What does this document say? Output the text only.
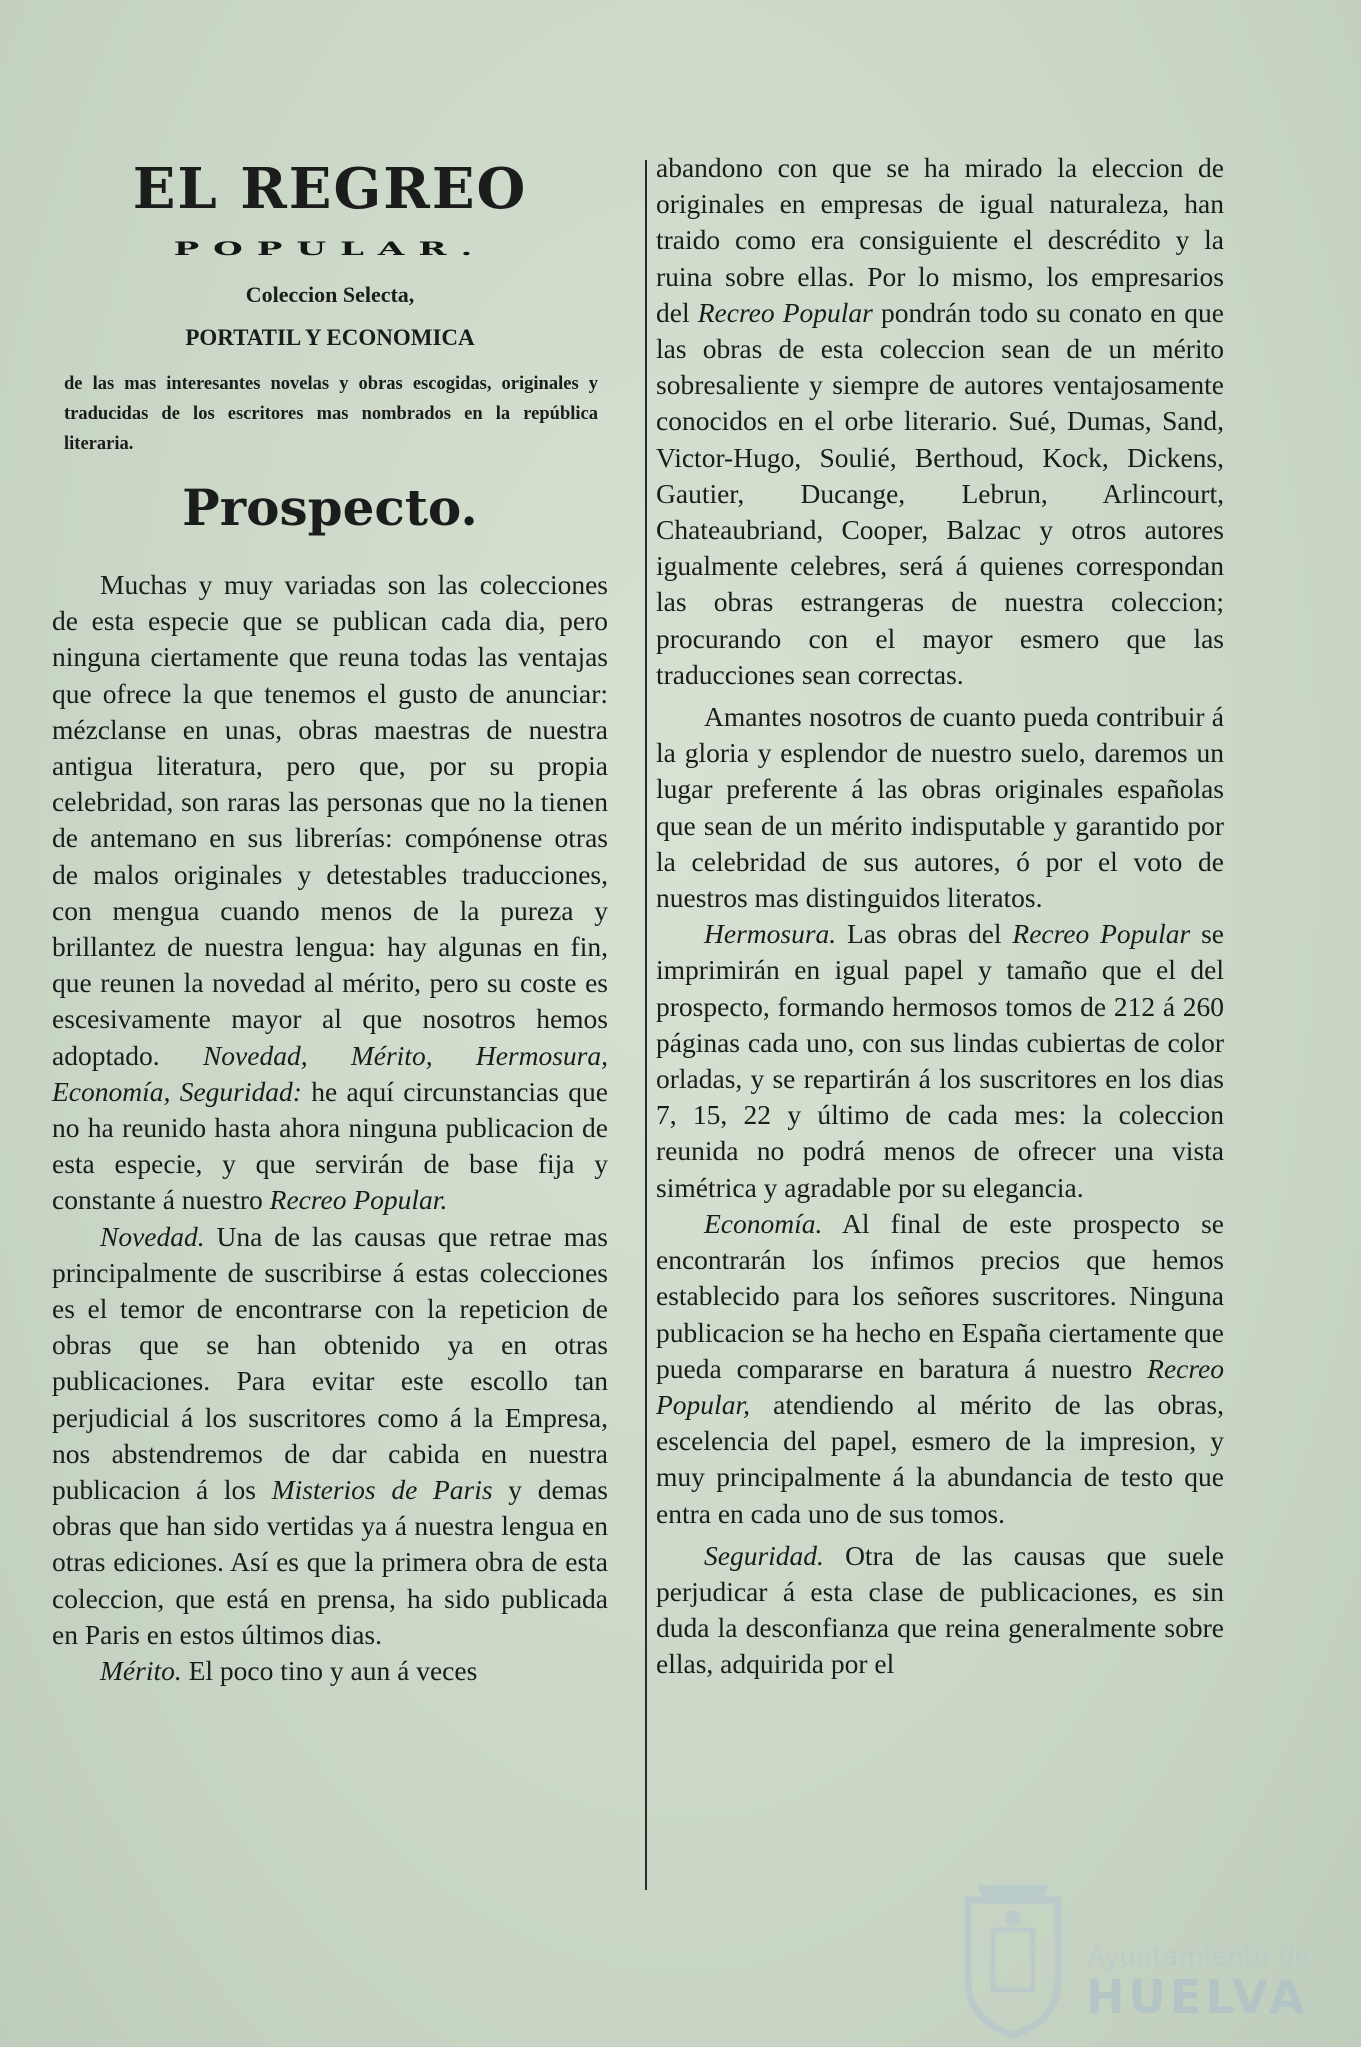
EL REGREO
POPULAR.
Coleccion Selecta,
PORTATIL Y ECONOMICA
de las mas interesantes novelas y obras escogidas, originales y traducidas de los escritores mas nombrados en la república literaria.
Prospecto.

Muchas y muy variadas son las colecciones de esta especie que se publican cada dia, pero ninguna ciertamente que reuna todas las ventajas que ofrece la que tenemos el gusto de anunciar: mézclanse en unas, obras maestras de nuestra antigua literatura, pero que, por su propia celebridad, son raras las personas que no la tienen de antemano en sus librerías: compónense otras de malos originales y detestables traducciones, con mengua cuando menos de la pureza y brillantez de nuestra lengua: hay algunas en fin, que reunen la novedad al mérito, pero su coste es escesivamente mayor al que nosotros hemos adoptado. Novedad, Mérito, Hermosura, Economía, Seguridad: he aquí circunstancias que no ha reunido hasta ahora ninguna publicacion de esta especie, y que servirán de base fija y constante á nuestro Recreo Popular.

Novedad. Una de las causas que retrae mas principalmente de suscribirse á estas colecciones es el temor de encontrarse con la repeticion de obras que se han obtenido ya en otras publicaciones. Para evitar este escollo tan perjudicial á los suscritores como á la Empresa, nos abstendremos de dar cabida en nuestra publicacion á los Misterios de Paris y demas obras que han sido vertidas ya á nuestra lengua en otras ediciones. Así es que la primera obra de esta coleccion, que está en prensa, ha sido publicada en Paris en estos últimos dias.

Mérito. El poco tino y aun á veces

abandono con que se ha mirado la eleccion de originales en empresas de igual naturaleza, han traido como era consiguiente el descrédito y la ruina sobre ellas. Por lo mismo, los empresarios del Recreo Popular pondrán todo su conato en que las obras de esta coleccion sean de un mérito sobresaliente y siempre de autores ventajosamente conocidos en el orbe literario. Sué, Dumas, Sand, Victor-Hugo, Soulié, Berthoud, Kock, Dickens, Gautier, Ducange, Lebrun, Arlincourt, Chateaubriand, Cooper, Balzac y otros autores igualmente celebres, será á quienes correspondan las obras estrangeras de nuestra coleccion; procurando con el mayor esmero que las traducciones sean correctas.

Amantes nosotros de cuanto pueda contribuir á la gloria y esplendor de nuestro suelo, daremos un lugar preferente á las obras originales españolas que sean de un mérito indisputable y garantido por la celebridad de sus autores, ó por el voto de nuestros mas distinguidos literatos.

Hermosura. Las obras del Recreo Popular se imprimirán en igual papel y tamaño que el del prospecto, formando hermosos tomos de 212 á 260 páginas cada uno, con sus lindas cubiertas de color orladas, y se repartirán á los suscritores en los dias 7, 15, 22 y último de cada mes: la coleccion reunida no podrá menos de ofrecer una vista simétrica y agradable por su elegancia.

Economía. Al final de este prospecto se encontrarán los ínfimos precios que hemos establecido para los señores suscritores. Ninguna publicacion se ha hecho en España ciertamente que pueda compararse en baratura á nuestro Recreo Popular, atendiendo al mérito de las obras, escelencia del papel, esmero de la impresion, y muy principalmente á la abundancia de testo que entra en cada uno de sus tomos.

Seguridad. Otra de las causas que suele perjudicar á esta clase de publicaciones, es sin duda la desconfianza que reina generalmente sobre ellas, adquirida por el

Ayuntamiento de
HUELVA
